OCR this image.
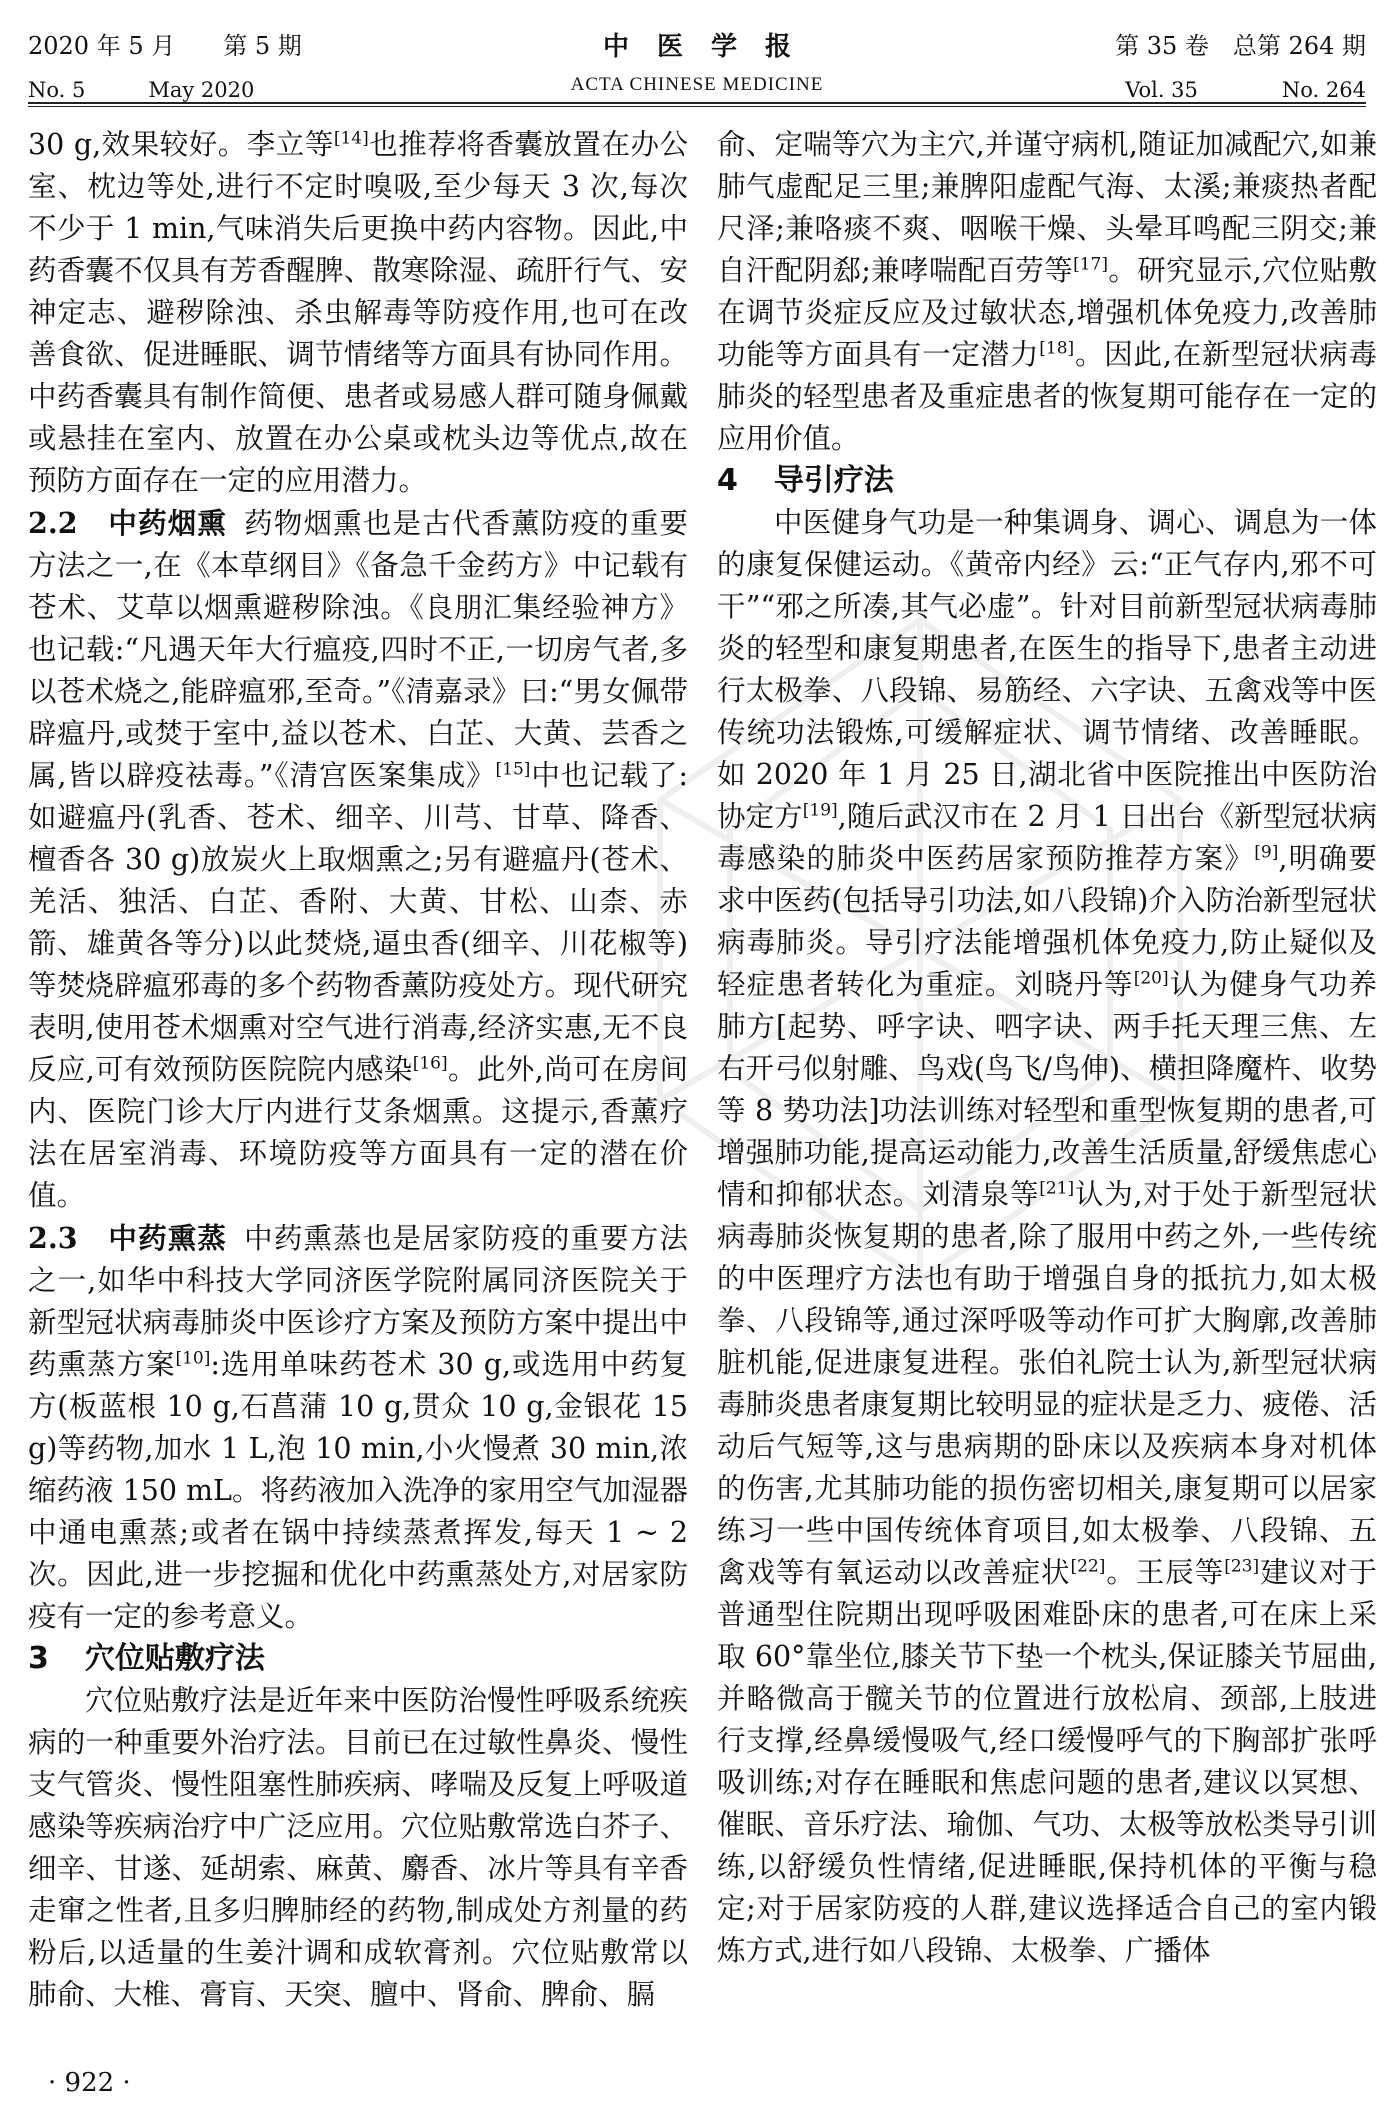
2020 年 5 月　　第 5 期	中医学报	第 35 卷　总第 264 期
No. 5　　　May 2020	ACTA CHINESE MEDICINE	Vol. 35　　　　No. 264

30 g,效果较好。李立等[14]也推荐将香囊放置在办公室、枕边等处,进行不定时嗅吸,至少每天 3 次,每次不少于 1 min,气味消失后更换中药内容物。因此,中药香囊不仅具有芳香醒脾、散寒除湿、疏肝行气、安神定志、避秽除浊、杀虫解毒等防疫作用,也可在改善食欲、促进睡眠、调节情绪等方面具有协同作用。中药香囊具有制作简便、患者或易感人群可随身佩戴或悬挂在室内、放置在办公桌或枕头边等优点,故在预防方面存在一定的应用潜力。

2.2　中药烟熏 药物烟熏也是古代香薰防疫的重要方法之一,在《本草纲目》《备急千金药方》中记载有苍术、艾草以烟熏避秽除浊。《良朋汇集经验神方》也记载:“凡遇天年大行瘟疫,四时不正,一切房气者,多以苍术烧之,能辟瘟邪,至奇。”《清嘉录》曰:“男女佩带辟瘟丹,或焚于室中,益以苍术、白芷、大黄、芸香之属,皆以辟疫祛毒。”《清宫医案集成》[15]中也记载了:如避瘟丹(乳香、苍术、细辛、川芎、甘草、降香、檀香各 30 g)放炭火上取烟熏之;另有避瘟丹(苍术、羌活、独活、白芷、香附、大黄、甘松、山柰、赤箭、雄黄各等分)以此焚烧,逼虫香(细辛、川花椒等)等焚烧辟瘟邪毒的多个药物香薰防疫处方。现代研究表明,使用苍术烟熏对空气进行消毒,经济实惠,无不良反应,可有效预防医院院内感染[16]。此外,尚可在房间内、医院门诊大厅内进行艾条烟熏。这提示,香薰疗法在居室消毒、环境防疫等方面具有一定的潜在价值。

2.3　中药熏蒸 中药熏蒸也是居家防疫的重要方法之一,如华中科技大学同济医学院附属同济医院关于新型冠状病毒肺炎中医诊疗方案及预防方案中提出中药熏蒸方案[10]:选用单味药苍术 30 g,或选用中药复方(板蓝根 10 g,石菖蒲 10 g,贯众 10 g,金银花 15 g)等药物,加水 1 L,泡 10 min,小火慢煮 30 min,浓缩药液 150 mL。将药液加入洗净的家用空气加湿器中通电熏蒸;或者在锅中持续蒸煮挥发,每天 1 ~ 2 次。因此,进一步挖掘和优化中药熏蒸处方,对居家防疫有一定的参考意义。

3 穴位贴敷疗法

穴位贴敷疗法是近年来中医防治慢性呼吸系统疾病的一种重要外治疗法。目前已在过敏性鼻炎、慢性支气管炎、慢性阻塞性肺疾病、哮喘及反复上呼吸道感染等疾病治疗中广泛应用。穴位贴敷常选白芥子、细辛、甘遂、延胡索、麻黄、麝香、冰片等具有辛香走窜之性者,且多归脾肺经的药物,制成处方剂量的药粉后,以适量的生姜汁调和成软膏剂。穴位贴敷常以肺俞、大椎、膏肓、天突、膻中、肾俞、脾俞、膈

俞、定喘等穴为主穴,并谨守病机,随证加减配穴,如兼肺气虚配足三里;兼脾阳虚配气海、太溪;兼痰热者配尺泽;兼咯痰不爽、咽喉干燥、头晕耳鸣配三阴交;兼自汗配阴郄;兼哮喘配百劳等[17]。研究显示,穴位贴敷在调节炎症反应及过敏状态,增强机体免疫力,改善肺功能等方面具有一定潜力[18]。因此,在新型冠状病毒肺炎的轻型患者及重症患者的恢复期可能存在一定的应用价值。

4 导引疗法

中医健身气功是一种集调身、调心、调息为一体的康复保健运动。《黄帝内经》云:“正气存内,邪不可干”“邪之所凑,其气必虚”。针对目前新型冠状病毒肺炎的轻型和康复期患者,在医生的指导下,患者主动进行太极拳、八段锦、易筋经、六字诀、五禽戏等中医传统功法锻炼,可缓解症状、调节情绪、改善睡眠。如 2020 年 1 月 25 日,湖北省中医院推出中医防治协定方[19],随后武汉市在 2 月 1 日出台《新型冠状病毒感染的肺炎中医药居家预防推荐方案》[9],明确要求中医药(包括导引功法,如八段锦)介入防治新型冠状病毒肺炎。导引疗法能增强机体免疫力,防止疑似及轻症患者转化为重症。刘晓丹等[20]认为健身气功养肺方[起势、呼字诀、呬字诀、两手托天理三焦、左右开弓似射雕、鸟戏(鸟飞/鸟伸)、横担降魔杵、收势等 8 势功法]功法训练对轻型和重型恢复期的患者,可增强肺功能,提高运动能力,改善生活质量,舒缓焦虑心情和抑郁状态。刘清泉等[21]认为,对于处于新型冠状病毒肺炎恢复期的患者,除了服用中药之外,一些传统的中医理疗方法也有助于增强自身的抵抗力,如太极拳、八段锦等,通过深呼吸等动作可扩大胸廓,改善肺脏机能,促进康复进程。张伯礼院士认为,新型冠状病毒肺炎患者康复期比较明显的症状是乏力、疲倦、活动后气短等,这与患病期的卧床以及疾病本身对机体的伤害,尤其肺功能的损伤密切相关,康复期可以居家练习一些中国传统体育项目,如太极拳、八段锦、五禽戏等有氧运动以改善症状[22]。王辰等[23]建议对于普通型住院期出现呼吸困难卧床的患者,可在床上采取 60°靠坐位,膝关节下垫一个枕头,保证膝关节屈曲,并略微高于髋关节的位置进行放松肩、颈部,上肢进行支撑,经鼻缓慢吸气,经口缓慢呼气的下胸部扩张呼吸训练;对存在睡眠和焦虑问题的患者,建议以冥想、催眠、音乐疗法、瑜伽、气功、太极等放松类导引训练,以舒缓负性情绪,促进睡眠,保持机体的平衡与稳定;对于居家防疫的人群,建议选择适合自己的室内锻炼方式,进行如八段锦、太极拳、广播体

· 922 ·
